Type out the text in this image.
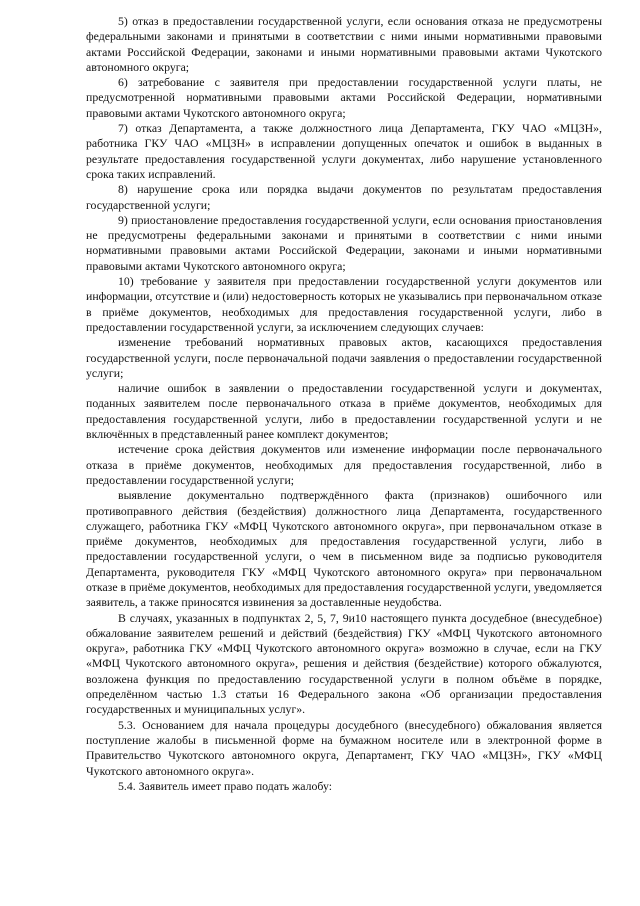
5) отказ в предоставлении государственной услуги, если основания отказа не предусмотрены федеральными законами и принятыми в соответствии с ними иными нормативными правовыми актами Российской Федерации, законами и иными нормативными правовыми актами Чукотского автономного округа;

6) затребование с заявителя при предоставлении государственной услуги платы, не предусмотренной нормативными правовыми актами Российской Федерации, нормативными правовыми актами Чукотского автономного округа;

7) отказ Департамента, а также должностного лица Департамента, ГКУ ЧАО «МЦЗН», работника ГКУ ЧАО «МЦЗН» в исправлении допущенных опечаток и ошибок в выданных в результате предоставления государственной услуги документах, либо нарушение установленного срока таких исправлений.

8) нарушение срока или порядка выдачи документов по результатам предоставления государственной услуги;

9) приостановление предоставления государственной услуги, если основания приостановления не предусмотрены федеральными законами и принятыми в соответствии с ними иными нормативными правовыми актами Российской Федерации, законами и иными нормативными правовыми актами Чукотского автономного округа;

10) требование у заявителя при предоставлении государственной услуги документов или информации, отсутствие и (или) недостоверность которых не указывались при первоначальном отказе в приёме документов, необходимых для предоставления государственной услуги, либо в предоставлении государственной услуги, за исключением следующих случаев:

изменение требований нормативных правовых актов, касающихся предоставления государственной услуги, после первоначальной подачи заявления о предоставлении государственной услуги;

наличие ошибок в заявлении о предоставлении государственной услуги и документах, поданных заявителем после первоначального отказа в приёме документов, необходимых для предоставления государственной услуги, либо в предоставлении государственной услуги и не включённых в представленный ранее комплект документов;

истечение срока действия документов или изменение информации после первоначального отказа в приёме документов, необходимых для предоставления государственной, либо в предоставлении государственной услуги;

выявление документально подтверждённого факта (признаков) ошибочного или противоправного действия (бездействия) должностного лица Департамента, государственного служащего, работника ГКУ «МФЦ Чукотского автономного округа», при первоначальном отказе в приёме документов, необходимых для предоставления государственной услуги, либо в предоставлении государственной услуги, о чем в письменном виде за подписью руководителя Департамента, руководителя ГКУ «МФЦ Чукотского автономного округа» при первоначальном отказе в приёме документов, необходимых для предоставления государственной услуги, уведомляется заявитель, а также приносятся извинения за доставленные неудобства.

В случаях, указанных в подпунктах 2, 5, 7, 9и10 настоящего пункта досудебное (внесудебное) обжалование заявителем решений и действий (бездействия) ГКУ «МФЦ Чукотского автономного округа», работника ГКУ «МФЦ Чукотского автономного округа» возможно в случае, если на ГКУ «МФЦ Чукотского автономного округа», решения и действия (бездействие) которого обжалуются, возложена функция по предоставлению государственной услуги в полном объёме в порядке, определённом частью 1.3 статьи 16 Федерального закона «Об организации предоставления государственных и муниципальных услуг».

5.3. Основанием для начала процедуры досудебного (внесудебного) обжалования является поступление жалобы в письменной форме на бумажном носителе или в электронной форме в Правительство Чукотского автономного округа, Департамент, ГКУ ЧАО «МЦЗН», ГКУ «МФЦ Чукотского автономного округа».

5.4. Заявитель имеет право подать жалобу:
